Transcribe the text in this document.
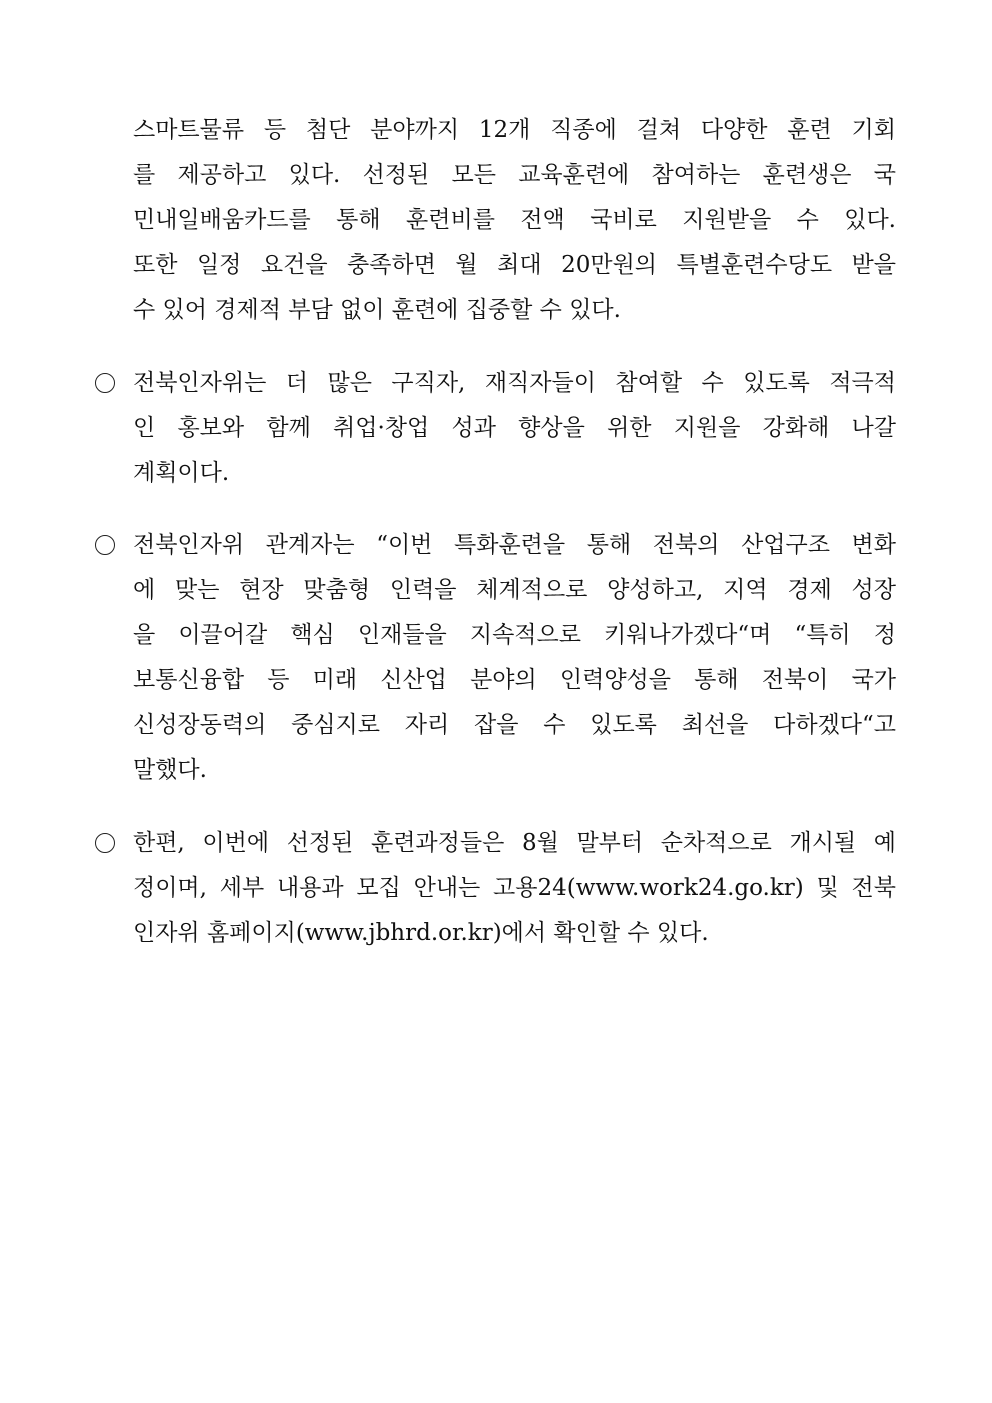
스마트물류 등 첨단 분야까지 12개 직종에 걸쳐 다양한 훈련 기회
를 제공하고 있다. 선정된 모든 교육훈련에 참여하는 훈련생은 국
민내일배움카드를 통해 훈련비를 전액 국비로 지원받을 수 있다.
또한 일정 요건을 충족하면 월 최대 20만원의 특별훈련수당도 받을
수 있어 경제적 부담 없이 훈련에 집중할 수 있다.
전북인자위는 더 많은 구직자, 재직자들이 참여할 수 있도록 적극적
인 홍보와 함께 취업·창업 성과 향상을 위한 지원을 강화해 나갈
계획이다.
전북인자위 관계자는 “이번 특화훈련을 통해 전북의 산업구조 변화
에 맞는 현장 맞춤형 인력을 체계적으로 양성하고, 지역 경제 성장
을 이끌어갈 핵심 인재들을 지속적으로 키워나가겠다“며 “특히 정
보통신융합 등 미래 신산업 분야의 인력양성을 통해 전북이 국가
신성장동력의 중심지로 자리 잡을 수 있도록 최선을 다하겠다“고
말했다.
한편, 이번에 선정된 훈련과정들은 8월 말부터 순차적으로 개시될 예
정이며, 세부 내용과 모집 안내는 고용24(www.work24.go.kr) 및 전북
인자위 홈페이지(www.jbhrd.or.kr)에서 확인할 수 있다.
